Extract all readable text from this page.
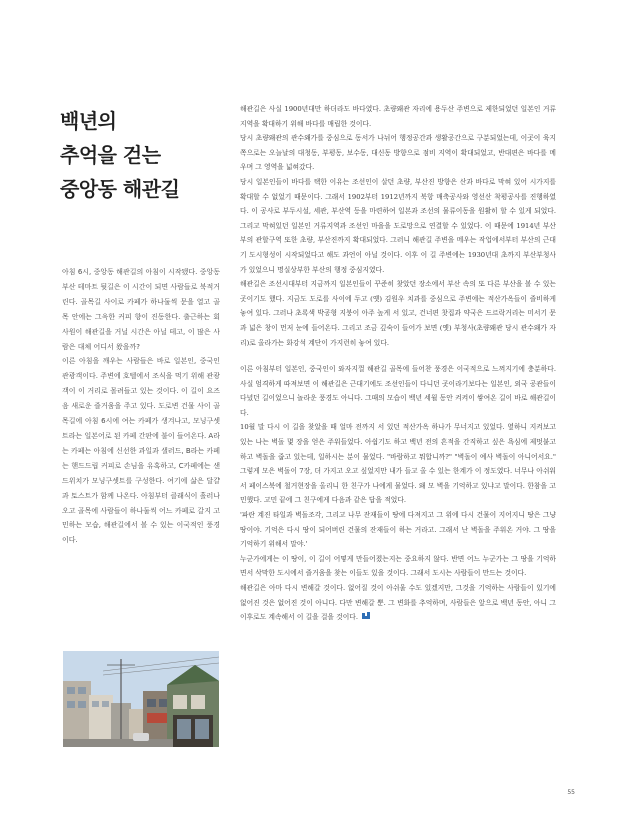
백년의
추억을 걷는
중앙동 해관길

아침 6시, 중앙동 해관길의 아침이 시작됐다. 중앙동 부산 테마트 뒷길은 이 시간이 되면 사람들로 북적거린다. 골목길 사이로 카페가 하나둘씩 문을 열고 골목 안에는 그윽한 커피 향이 진동한다. 출근하는 회사원이 해관길을 거닐 시간은 아닐 테고, 이 많은 사람은 대체 어디서 왔을까?

이른 아침을 깨우는 사람들은 바로 일본인, 중국인 관광객이다. 주변에 호텔에서 조식을 먹기 위해 관광객이 이 거리로 몰려들고 있는 것이다. 이 길이 요즈음 새로운 즐거움을 주고 있다. 도로변 건물 사이 골목길에 아침 6시에 여는 카페가 생겨나고, 모닝구셋트라는 일본어로 된 카페 간판에 불이 들어온다. A라는 카페는 아침에 신선한 과일과 샐러드, B라는 카페는 핸드드립 커피로 손님을 유혹하고, C카페에는 샌드위치가 모닝구셋트를 구성한다. 여기에 삶은 달걀과 토스트가 함께 나온다. 아침부터 클래식이 흘러나오고 골목에 사람들이 하나둘씩 어느 카페로 갈지 고민하는 모습, 해관길에서 볼 수 있는 이국적인 풍경이다.

해관길은 사실 1900년대만 하더라도 바다였다. 초량왜관 자리에 용두산 주변으로 제한되었던 일본인 거류지역을 확대하기 위해 바다를 매립한 것이다.

당시 초량왜관의 관수왜가를 중심으로 동서가 나뉘어 행정공간과 생활공간으로 구분되었는데, 이곳이 육지 쪽으로는 오늘날의 대청동, 부평동, 보수동, 대신동 방향으로 점비 지역이 확대되었고, 반대편은 바다를 메우며 그 영역을 넓혀갔다.

당시 일본인들이 바다를 택한 이유는 조선인이 살던 초량, 부산진 방향은 산과 바다로 막혀 있어 시가지를 확대할 수 없었기 때문이다. 그래서 1902부터 1912년까지 북항 매축공사와 영선산 착평공사를 진행하였다. 이 공사로 부두시설, 세관, 부산역 등을 마련하여 일본과 조선의 물류이동을 원활히 할 수 있게 되었다. 그리고 막혀있던 일본인 거류지역과 조선인 마을을 도로망으로 연결할 수 있었다. 이 때문에 1914년 부산부의 관할구역 또한 초량, 부산진까지 확대되었다. 그러니 해관길 주변을 메우는 작업에서부터 부산의 근대기 도시형성이 시작되었다고 해도 과언이 아닐 것이다. 이후 이 길 주변에는 1930년대 초까지 부산부청사가 있었으니 명실상부한 부산의 행정 중심지였다.

해관길은 조선시대부터 지금까지 일본인들이 꾸준히 찾았던 장소에서 부산 속의 또 다른 부산을 볼 수 있는 곳이기도 했다. 지금도 도로를 사이에 두고 (옛) 김원우 치과를 중심으로 주변에는 적산가옥들이 즐비하게 놓여 있다. 그러나 초록색 박공형 지붕이 아주 높게 서 있고, 건너편 찻집과 약국은 드르락거리는 미서기 문과 넓은 창이 먼저 눈에 들어온다. 그리고 조금 깊숙이 들어가 보면 (옛) 부청사(초량왜관 당시 관수왜가 자리)로 올라가는 화강석 계단이 가지런히 놓여 있다.

이른 아침부터 일본인, 중국인이 와자지껄 해관길 골목에 들어찬 풍경은 이국적으로 느껴지기에 충분하다. 사실 엄격하게 따져보면 이 해관길은 근대기에도 조선인들이 다니던 곳이라기보다는 일본인, 외국 공관들이 다녔던 길이었으니 놀라운 풍경도 아니다. 그때의 모습이 백년 세월 동안 켜켜이 쌓여온 길이 바로 해관길이다.

10월 말 다시 이 길을 찾았을 때 얼마 전까지 서 있던 적산가옥 하나가 무너지고 있었다. 옆하니 지켜보고 있는 나는 벽돌 몇 장을 얻은 주워들었다. 아쉽기도 하고 백년 전의 흔적을 간직하고 싶은 욕심에 제멋붙고하고 벽돌을 줍고 있는데, 일하시는 분이 물었다. "바람하고 뭐합니까?" "벽돌이 예사 벽돌이 아니어서요." 그렇게 모은 벽돌이 7장, 더 가지고 오고 싶었지만 내가 들고 올 수 있는 한계가 이 정도였다. 너무나 아쉬워서 페이스북에 철거현장을 올리니 한 친구가 나에게 물었다. 왜 모 벽을 기억하고 있냐고 말이다. 한참을 고민했다. 고민 끝에 그 친구에게 다음과 같은 답을 적었다.

'파란 계진 타일과 벽돌조각, 그리고 나무 잔재들이 땅에 다져지고 그 위에 다시 건물이 지어지니 땅은 그냥 땅이야. 기억은 다시 땅이 되어버린 건물의 잔재들이 하는 거라고. 그래서 난 벽돌을 주워온 거야. 그 땅을 기억하기 위해서 말야.'

누군가에게는 이 땅이, 이 길이 어떻게 만들어졌는지는 중요하지 않다. 반면 어느 누군가는 그 땅을 기억하면서 삭막한 도시에서 즐거움을 찾는 이들도 있을 것이다. 그래서 도시는 사람들이 만드는 것이다.

해관길은 아마 다시 변해갈 것이다. 없어질 것이 아쉬울 수도 있겠지만, 그것을 기억하는 사람들이 있기에 없어진 것은 없어진 것이 아니다. 다만 변해갈 뿐. 그 변화를 추억하며, 사람들은 앞으로 백년 동안, 아니 그 이후로도 계속해서 이 길을 걸을 것이다.

55
